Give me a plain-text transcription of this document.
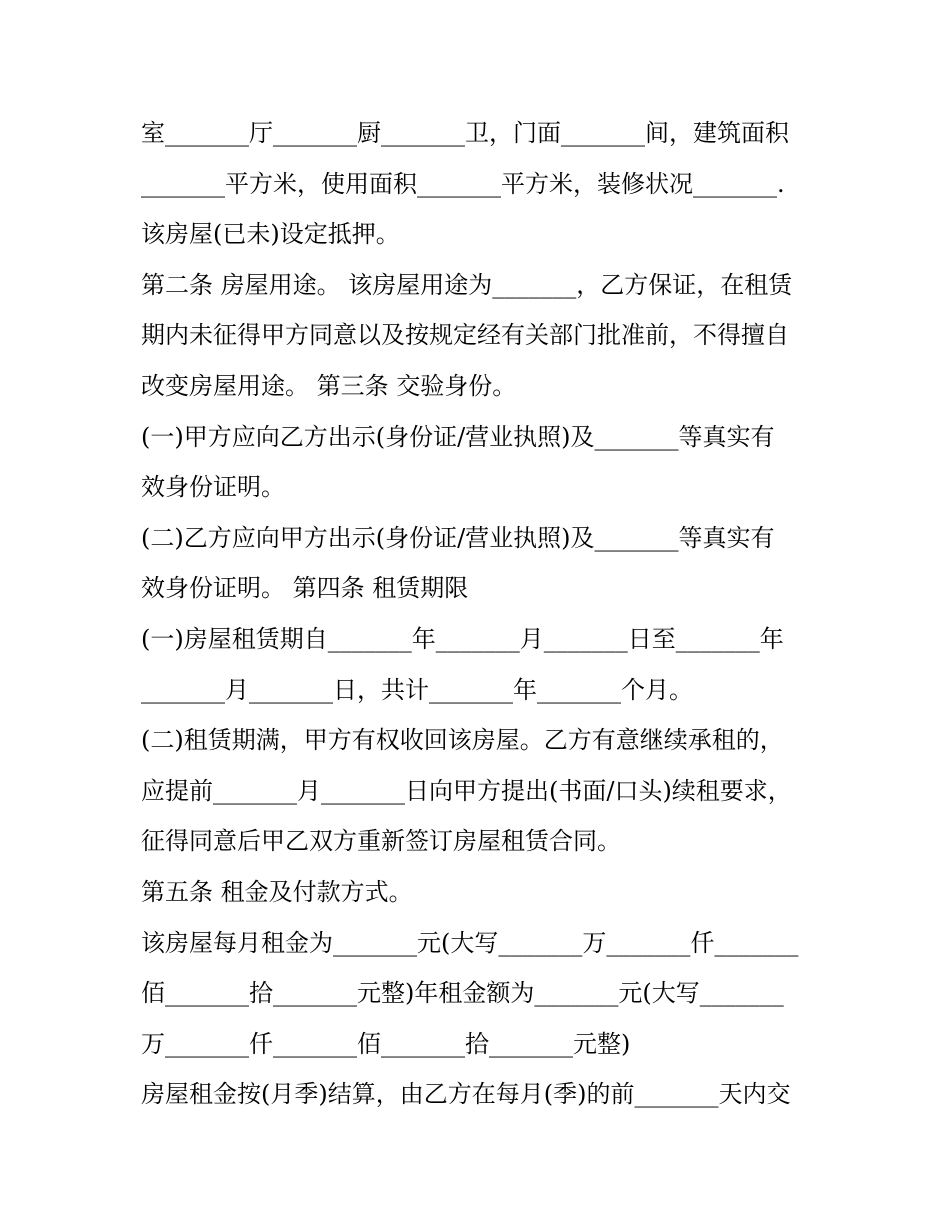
室_______厅_______厨_______卫，门面_______间，建筑面积
_______平方米，使用面积_______平方米，装修状况_______.
该房屋(已未)设定抵押。
第二条 房屋用途。 该房屋用途为_______，乙方保证，在租赁
期内未征得甲方同意以及按规定经有关部门批准前，不得擅自
改变房屋用途。 第三条 交验身份。
(一)甲方应向乙方出示(身份证/营业执照)及_______等真实有
效身份证明。
(二)乙方应向甲方出示(身份证/营业执照)及_______等真实有
效身份证明。 第四条 租赁期限
(一)房屋租赁期自_______年_______月_______日至_______年
_______月_______日，共计_______年_______个月。
(二)租赁期满，甲方有权收回该房屋。乙方有意继续承租的，
应提前_______月_______日向甲方提出(书面/口头)续租要求，
征得同意后甲乙双方重新签订房屋租赁合同。
第五条 租金及付款方式。
该房屋每月租金为_______元(大写_______万_______仟_______
佰_______拾_______元整)年租金额为_______元(大写_______
万_______仟_______佰_______拾_______元整)
房屋租金按(月季)结算，由乙方在每月(季)的前_______天内交
